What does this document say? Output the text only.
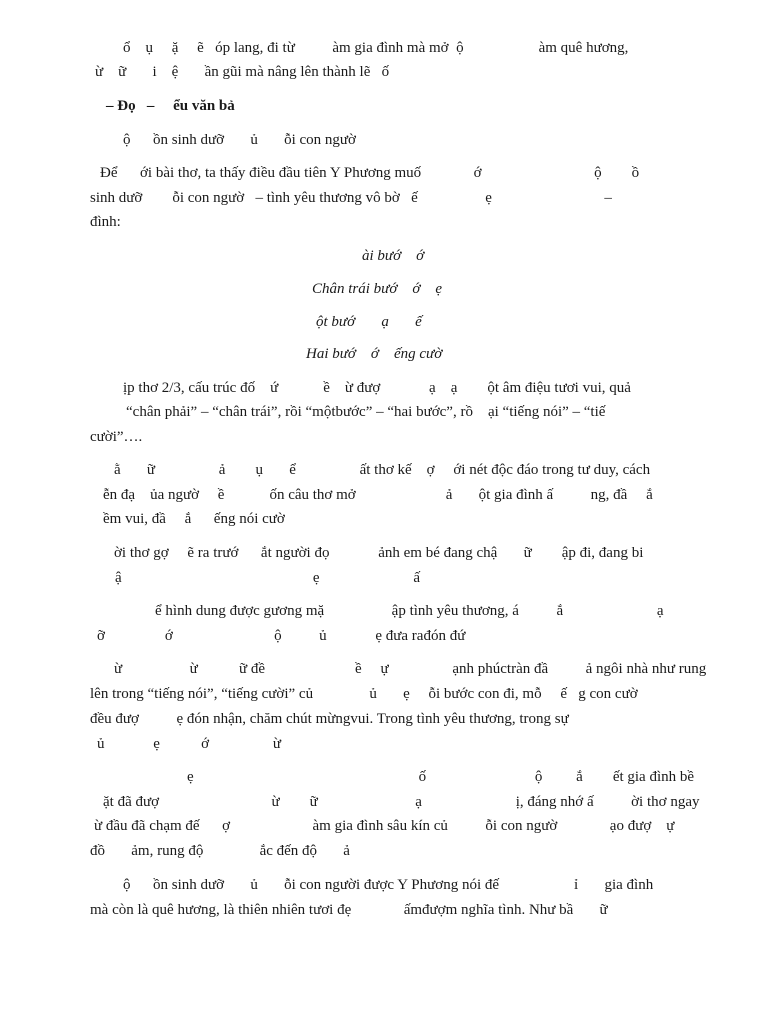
ổ    ụ     ặ     ẽ   óp lang, đi từ          àm gia đình mà mở  ộ                    àm quê hương,
ừ    ữ       i    ệ       ần gũi mà nâng lên thành lẽ   ố
– Đọ   –     ểu văn bả
ộ      ồn sinh dưỡ       ủ       ỗi con ngườ
Để      ới bài thơ, ta thấy điều đầu tiên Y Phương muố              ớ                              ộ        ồ
sinh dưỡ        ỗi con ngườ   – tình yêu thương vô bờ   ế                  ẹ                              –
đình:
ài bướ    ớ
Chân trái bướ    ớ    ẹ
ột bướ       ạ       ế
Hai bướ    ớ    ếng cườ
ịp thơ 2/3, cấu trúc đố    ứ            ề    ừ đượ             ạ    ạ        ột âm điệu tươi vui, quả
“chân phải” – “chân trái”, rồi “mộtbước” – “hai bước”, rồ    ại “tiếng nói” – “tiế
cười”….
ằ       ữ                 ả        ụ       ể                 ất thơ kế    ợ     ới nét độc đáo trong tư duy, cách
ễn đạ    ủa ngườ     ề            ốn câu thơ mở                        ả       ột gia đình ấ          ng, đầ     ắ
ềm vui, đầ     ắ      ếng nói cườ
ời thơ gợ     ẽ ra trướ      ắt người đọ             ảnh em bé đang chậ       ữ        ập đi, đang bi
ậ                                                   ẹ                         ấ
ể hình dung được gương mặ                  ập tình yêu thương, á          ắ                         ạ
ỡ                ớ                           ộ          ủ             ẹ đưa rađón đứ
ừ                  ừ           ữ đề                        ề     ự                 ạnh phúctràn đầ          ả ngôi nhà như rung
lên trong “tiếng nói”, “tiếng cười” củ               ủ       ẹ     ỗi bước con đi, mỗ     ế   g con cườ
đều đượ          ẹ đón nhận, chăm chút mừngvui. Trong tình yêu thương, trong sự
ủ             ẹ           ớ                 ừ
ẹ                                                            ố                             ộ         ắ        ết gia đình bề
ặt đã đượ                              ừ        ữ                          ạ                         ị, đáng nhớ ấ          ời thơ ngay
ừ đầu đã chạm đế      ợ                      àm gia đình sâu kín củ          ỗi con ngườ              ạo đượ    ự
đồ       ảm, rung độ               ắc đến độ       ả
ộ      ồn sinh dưỡ       ủ       ỗi con người được Y Phương nói đế                    ỉ       gia đình
mà còn là quê hương, là thiên nhiên tươi đẹ              ấmđượm nghĩa tình. Như bầ       ữ
